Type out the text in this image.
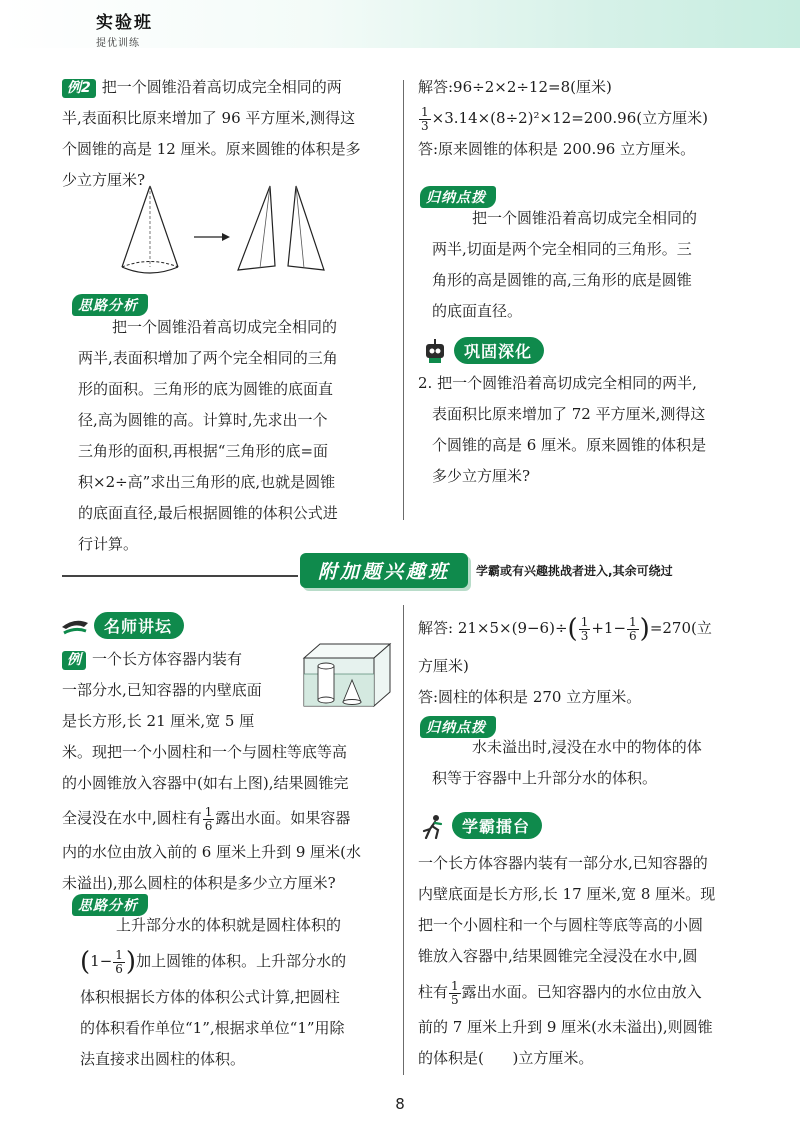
实验班
提优训练
例2 把一个圆锥沿着高切成完全相同的两
半,表面积比原来增加了 96 平方厘米,测得这
个圆锥的高是 12 厘米。原来圆锥的体积是多
少立方厘米?
思路分析
把一个圆锥沿着高切成完全相同的
两半,表面积增加了两个完全相同的三角
形的面积。三角形的底为圆锥的底面直
径,高为圆锥的高。计算时,先求出一个
三角形的面积,再根据“三角形的底=面
积×2÷高”求出三角形的底,也就是圆锥
的底面直径,最后根据圆锥的体积公式进
行计算。
解答:96÷2×2÷12=8(厘米)
$\frac{1}{3} \times 3.14\times(8\div 2)^2\times 12=200.96$(立方厘米)
答:原来圆锥的体积是 200.96 立方厘米。
归纳点拨
把一个圆锥沿着高切成完全相同的
两半,切面是两个完全相同的三角形。三
角形的高是圆锥的高,三角形的底是圆锥
的底面直径。
巩固深化
2. 把一个圆锥沿着高切成完全相同的两半,
表面积比原来增加了 72 平方厘米,测得这
个圆锥的高是 6 厘米。原来圆锥的体积是
多少立方厘米?
附加题兴趣班	学霸或有兴趣挑战者进入,其余可绕过
名师讲坛
例 一个长方体容器内装有
一部分水,已知容器的内壁底面
是长方形,长 21 厘米,宽 5 厘
米。现把一个小圆柱和一个与圆柱等底等高
的小圆锥放入容器中(如右上图),结果圆锥完
全浸没在水中,圆柱有 $\frac{1}{6}$ 露出水面。如果容器
内的水位由放入前的 6 厘米上升到 9 厘米(水
未溢出),那么圆柱的体积是多少立方厘米?
思路分析
上升部分水的体积就是圆柱体积的
($1- \frac{1}{6}$ )加上圆锥的体积。上升部分水的
体积根据长方体的体积公式计算,把圆柱
的体积看作单位“1”,根据求单位“1”用除
法直接求出圆柱的体积。
解答: $21\times 5\times(9-6)\div( \frac{1}{3} +1- \frac{1}{6} )=270$(立
方厘米)
答:圆柱的体积是 270 立方厘米。
归纳点拨
水未溢出时,浸没在水中的物体的体
积等于容器中上升部分水的体积。
学霸擂台
一个长方体容器内装有一部分水,已知容器的
内壁底面是长方形,长 17 厘米,宽 8 厘米。现
把一个小圆柱和一个与圆柱等底等高的小圆
锥放入容器中,结果圆锥完全浸没在水中,圆
柱有 $\frac{1}{5}$ 露出水面。已知容器内的水位由放入
前的 7 厘米上升到 9 厘米(水未溢出),则圆锥
的体积是(      )立方厘米。
8
